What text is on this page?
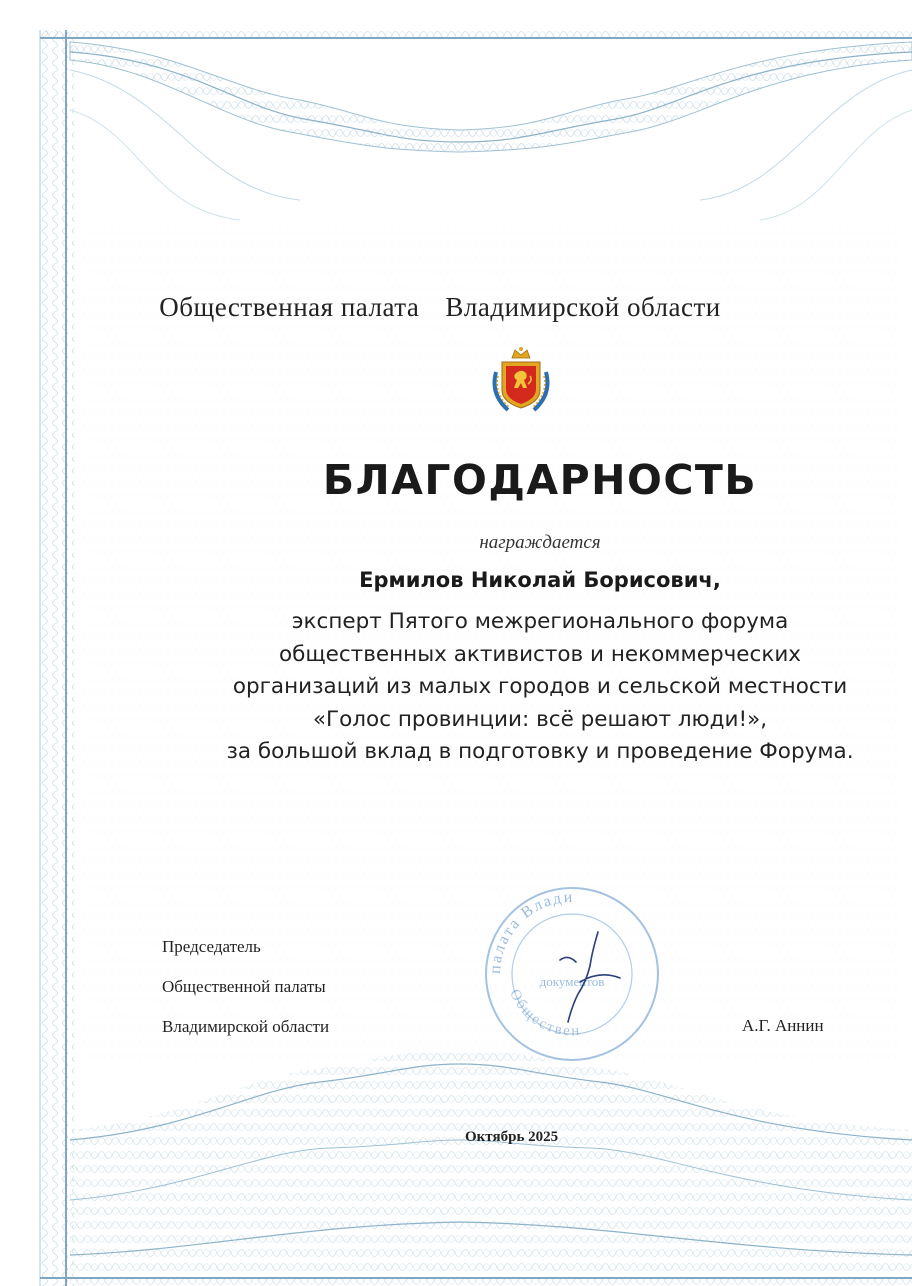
Общественная палата Владимирской области
БЛАГОДАРНОСТЬ
награждается
Ермилов Николай Борисович,
эксперт Пятого межрегионального форума
общественных активистов и некоммерческих
организаций из малых городов и сельской местности
«Голос провинции: всё решают люди!»,
за большой вклад в подготовку и проведение Форума.
палата Влади
Обществен
документов
Председатель
Общественной палаты
Владимирской области	А.Г. Аннин
Октябрь 2025
